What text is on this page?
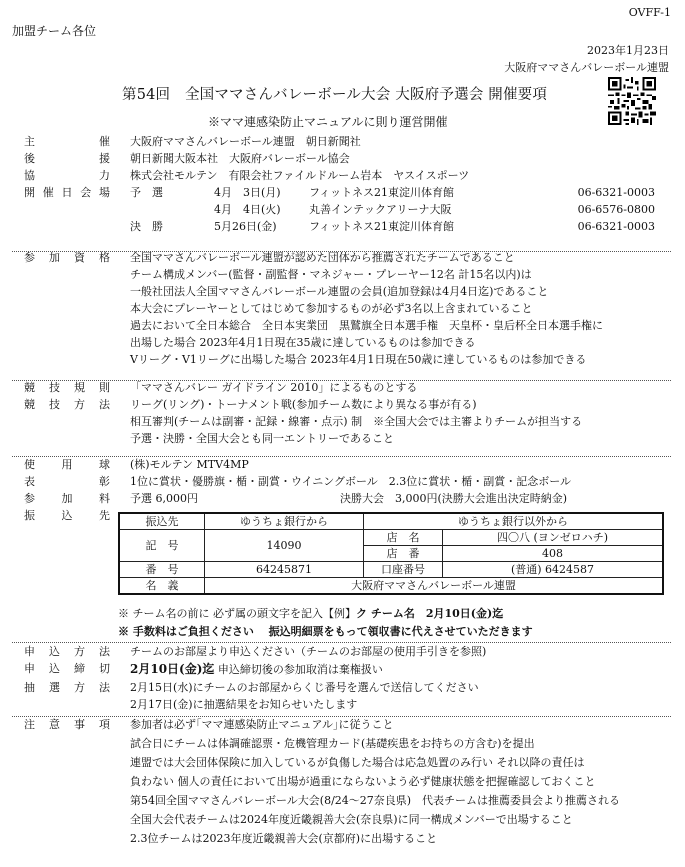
OVFF-1
加盟チーム各位
2023年1月23日
大阪府ママさんバレーボール連盟
第54回　全国ママさんバレーボール大会 大阪府予選会 開催要項
※ママ連感染防止マニュアルに則り運営開催
主	催 大阪府ママさんバレーボール連盟　朝日新聞社
後	援 朝日新聞大阪本社　大阪府バレーボール協会
協	力 株式会社モルテン　有限会社ファイルドルーム岩本　ヤスイスポーツ
開 催 日 会 場 予　選	4月　3日(月)	フィットネス21東淀川体育館	06-6321-0003
4月　4日(火)	丸善インテックアリーナ大阪	06-6576-0800
決　勝	5月26日(金)	フィットネス21東淀川体育館	06-6321-0003
参 加 資 格 全国ママさんバレーボール連盟が認めた団体から推薦されたチームであること
チーム構成メンバー(監督・副監督・マネジャー・プレーヤー12名 計15名以内)は
一般社団法人全国ママさんバレーボール連盟の会員(追加登録は4月4日迄)であること
本大会にプレーヤーとしてはじめて参加するものが必ず3名以上含まれていること
過去において全日本総合　全日本実業団　黒鷲旗全日本選手権　天皇杯・皇后杯全日本選手権に
出場した場合 2023年4月1日現在35歳に達しているものは参加できる
Vリーグ・V1リーグに出場した場合 2023年4月1日現在50歳に達しているものは参加できる
競 技 規 則 「ママさんバレー ガイドライン 2010」によるものとする
競 技 方 法 リーグ(リング)・トーナメント戦(参加チーム数により異なる事が有る)
相互審判(チームは副審・記録・線審・点示) 制　※全国大会では主審よりチームが担当する
予選・決勝・全国大会とも同一エントリーであること
使 用 球 (株)モルテン MTV4MP
表	彰 1位に賞状・優勝旗・楯・副賞・ウイニングボール　2.3位に賞状・楯・副賞・記念ボール
参 加 料 予選 6,000円	決勝大会　3,000円(決勝大会進出決定時納金)
振 込 先	振込先	ゆうちょ銀行から	ゆうちょ銀行以外から	
記　号	14090	店　名	四〇八 (ヨンゼロハチ)
		店　番	408
番　号	64245871	口座番号	(普通) 6424587
名　義	大阪府ママさんバレーボール連盟		
※ チーム名の前に 必ず属の頭文字を記入【例】ク チーム名　2月10日(金)迄
※ 手数料はご負担ください　 振込明細票をもって領収書に代えさせていただきます
申 込 方 法 チームのお部屋より申込ください（チームのお部屋の使用手引きを参照)
申 込 締 切 2月10日(金)迄 申込締切後の参加取消は棄権扱い
抽 選 方 法 2月15日(水)にチームのお部屋からくじ番号を選んで送信してください
2月17日(金)に抽選結果をお知らせいたします
注 意 事 項 参加者は必ず｢ママ連感染防止マニュアル｣に従うこと
試合日にチームは体調確認票・危機管理カード(基礎疾患をお持ちの方含む)を提出
連盟では大会団体保険に加入しているが負傷した場合は応急処置のみ行い それ以降の責任は
負わない 個人の責任において出場が過重にならないよう必ず健康状態を把握確認しておくこと
第54回全国ママさんバレーボール大会(8/24～27奈良県)　代表チームは推薦委員会より推薦される
全国大会代表チームは2024年度近畿親善大会(奈良県)に同一構成メンバーで出場すること
2.3位チームは2023年度近畿親善大会(京都府)に出場すること
